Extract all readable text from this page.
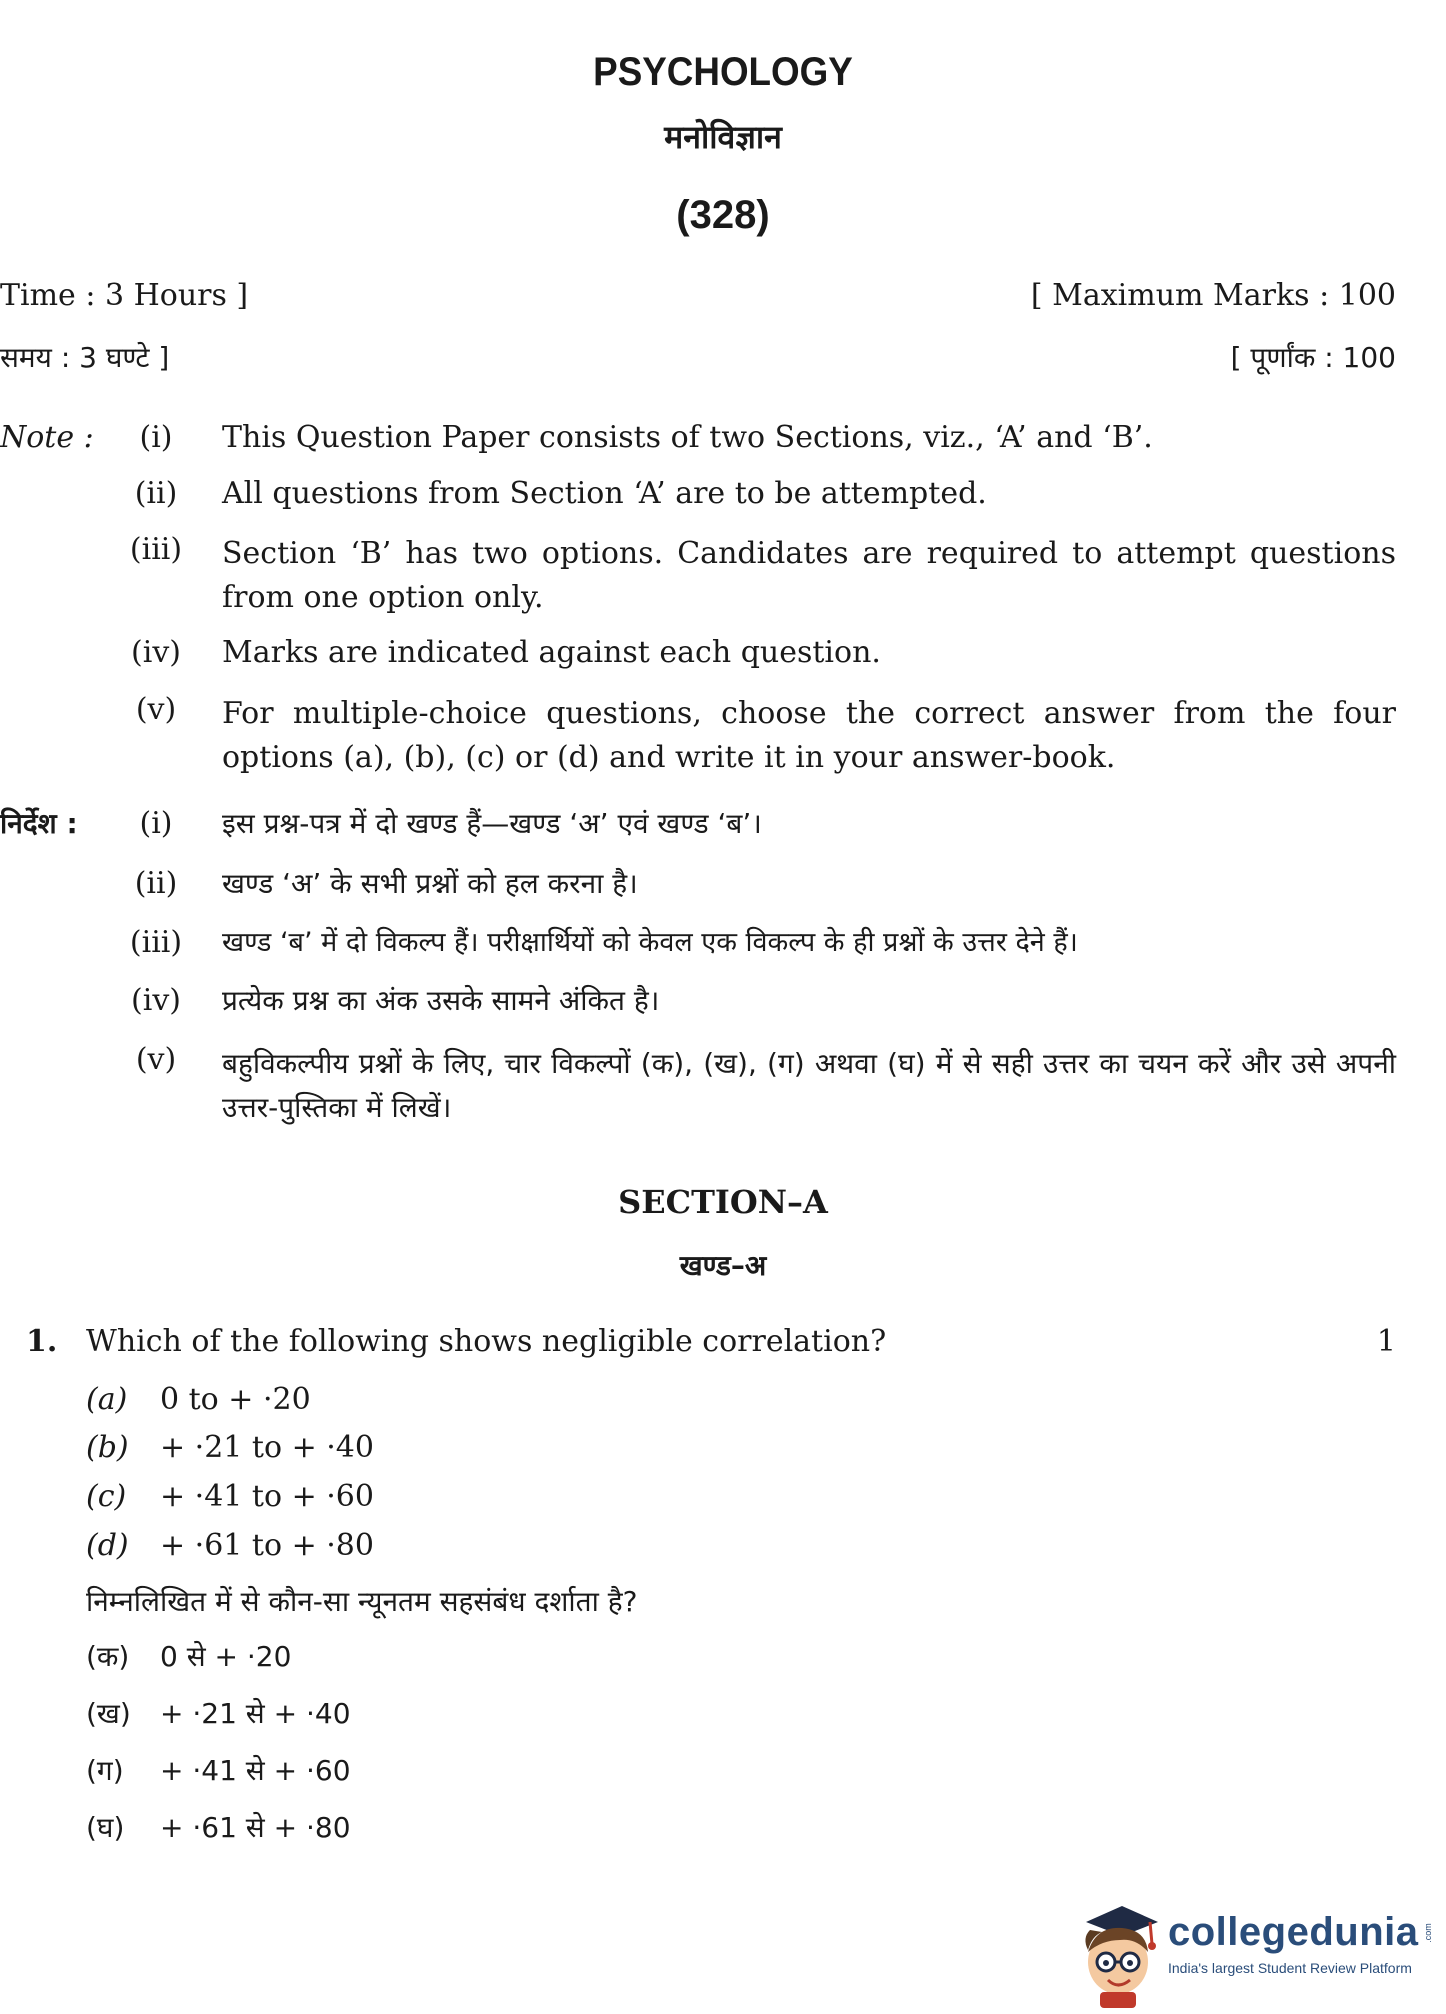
PSYCHOLOGY
मनोविज्ञान
(328)
Time : 3 Hours ]	[ Maximum Marks : 100
समय : 3 घण्टे ]	[ पूर्णांक : 100
Note :	(i)	This Question Paper consists of two Sections, viz., ‘A’ and ‘B’.
(ii)	All questions from Section ‘A’ are to be attempted.
(iii)	Section ‘B’ has two options. Candidates are required to attempt questions from one option only.
(iv)	Marks are indicated against each question.
(v)	For multiple-choice questions, choose the correct answer from the four options (a), (b), (c) or (d) and write it in your answer-book.
निर्देश :	(i)	इस प्रश्न-पत्र में दो खण्ड हैं—खण्ड ‘अ’ एवं खण्ड ‘ब’।
(ii)	खण्ड ‘अ’ के सभी प्रश्नों को हल करना है।
(iii)	खण्ड ‘ब’ में दो विकल्प हैं। परीक्षार्थियों को केवल एक विकल्प के ही प्रश्नों के उत्तर देने हैं।
(iv)	प्रत्येक प्रश्न का अंक उसके सामने अंकित है।
(v)	बहुविकल्पीय प्रश्नों के लिए, चार विकल्पों (क), (ख), (ग) अथवा (घ) में से सही उत्तर का चयन करें और उसे अपनी उत्तर-पुस्तिका में लिखें।
SECTION–A
खण्ड–अ
1. Which of the following shows negligible correlation?	1
(a)	0 to + ·20
(b)	+ ·21 to + ·40
(c)	+ ·41 to + ·60
(d)	+ ·61 to + ·80
निम्नलिखित में से कौन-सा न्यूनतम सहसंबंध दर्शाता है?
(क) 0 से + ·20
(ख) + ·21 से + ·40
(ग) + ·41 से + ·60
(घ) + ·61 से + ·80
collegedunia .com
India's largest Student Review Platform
